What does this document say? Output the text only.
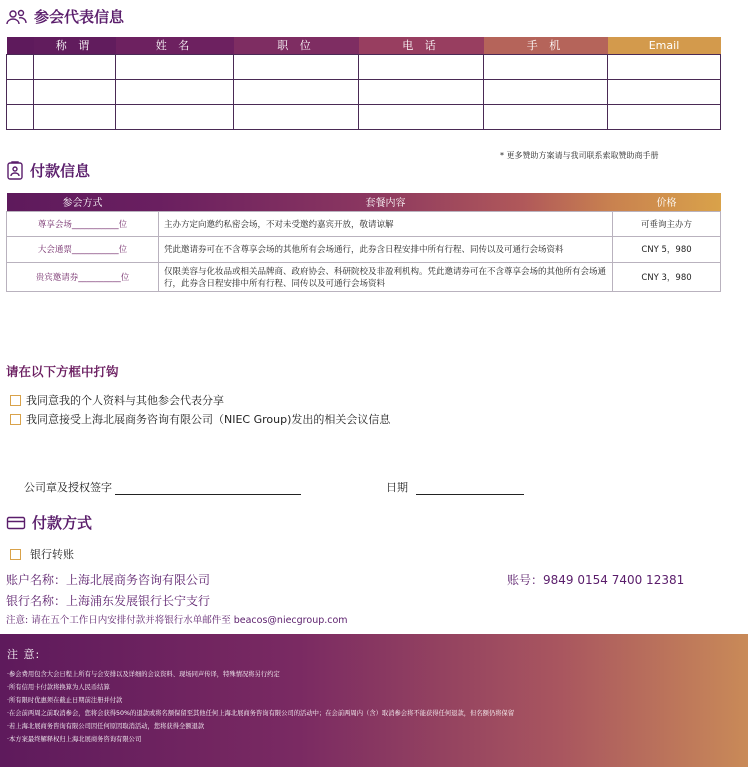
参会代表信息
	称 谓	姓 名	职 位	电 话	手 机	Email
1.						
2.						
3.						
* 更多赞助方案请与我司联系索取赞助商手册
付款信息
参会方式	套餐内容	价格
尊享会场___________位	主办方定向邀约私密会场，不对未受邀约嘉宾开放，敬请谅解	可垂询主办方
大会通票___________位	凭此邀请券可在不含尊享会场的其他所有会场通行，此券含日程安排中所有行程、同传以及可通行会场资料	CNY 5，980
贵宾邀请券__________位	仅限美容与化妆品或相关品牌商、政府协会、科研院校及非盈利机构。凭此邀请券可在不含尊享会场的其他所有会场通行，此券含日程安排中所有行程、同传以及可通行会场资料	CNY 3，980
请在以下方框中打钩
我同意我的个人资料与其他参会代表分享
我同意接受上海北展商务咨询有限公司（NIEC Group)发出的相关会议信息
公司章及授权签字	日期
付款方式
银行转账
账户名称：上海北展商务咨询有限公司	账号：9849 0154 7400 12381
银行名称：上海浦东发展银行长宁支行
注意: 请在五个工作日内安排付款并将银行水单邮件至 beacos@niecgroup.com
注 意:
·参会费用包含大会日程上所有与会安排以及详细的会议资料、现场同声传译，特殊情况将另行约定
·所有信用卡付款将换算为人民币结算
·所有限时优惠须在截止日期前注册并付款
·在会前两周之前取消参会，您将会获得50%的退款或将名额保留至其他任何上海北展商务咨询有限公司的活动中；在会前两周内（含）取消参会将不能获得任何退款，但名额仍将保留
·若上海北展商务咨询有限公司因任何原因取消活动，您将获得全额退款
·本方案最终解释权归上海北展商务咨询有限公司
